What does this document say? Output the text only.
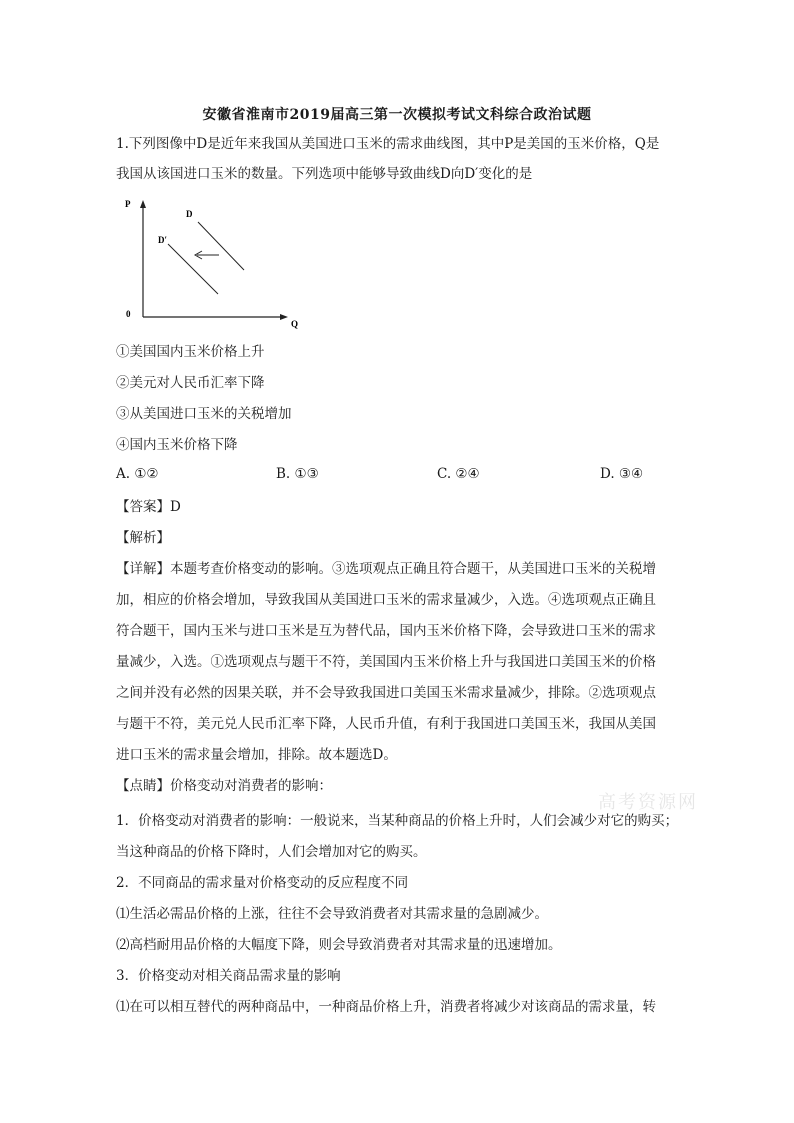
安徽省淮南市2019届高三第一次模拟考试文科综合政治试题
1.下列图像中D是近年来我国从美国进口玉米的需求曲线图，其中P是美国的玉米价格，Q是
我国从该国进口玉米的数量。下列选项中能够导致曲线D向D′变化的是
P
Q
0
D
D′
①美国国内玉米价格上升
②美元对人民币汇率下降
③从美国进口玉米的关税增加
④国内玉米价格下降
A. ①②	B. ①③	C. ②④	D. ③④
【答案】D
【解析】
【详解】本题考查价格变动的影响。③选项观点正确且符合题干，从美国进口玉米的关税增
加，相应的价格会增加，导致我国从美国进口玉米的需求量减少，入选。④选项观点正确且
符合题干，国内玉米与进口玉米是互为替代品，国内玉米价格下降，会导致进口玉米的需求
量减少，入选。①选项观点与题干不符，美国国内玉米价格上升与我国进口美国玉米的价格
之间并没有必然的因果关联，并不会导致我国进口美国玉米需求量减少，排除。②选项观点
与题干不符，美元兑人民币汇率下降，人民币升值，有利于我国进口美国玉米，我国从美国
进口玉米的需求量会增加，排除。故本题选D。
高考资源网
【点睛】价格变动对消费者的影响：
1．价格变动对消费者的影响：一般说来，当某种商品的价格上升时，人们会减少对它的购买；
当这种商品的价格下降时，人们会增加对它的购买。
2．不同商品的需求量对价格变动的反应程度不同
⑴生活必需品价格的上涨，往往不会导致消费者对其需求量的急剧减少。
⑵高档耐用品价格的大幅度下降，则会导致消费者对其需求量的迅速增加。
3．价格变动对相关商品需求量的影响
⑴在可以相互替代的两种商品中，一种商品价格上升，消费者将减少对该商品的需求量，转
